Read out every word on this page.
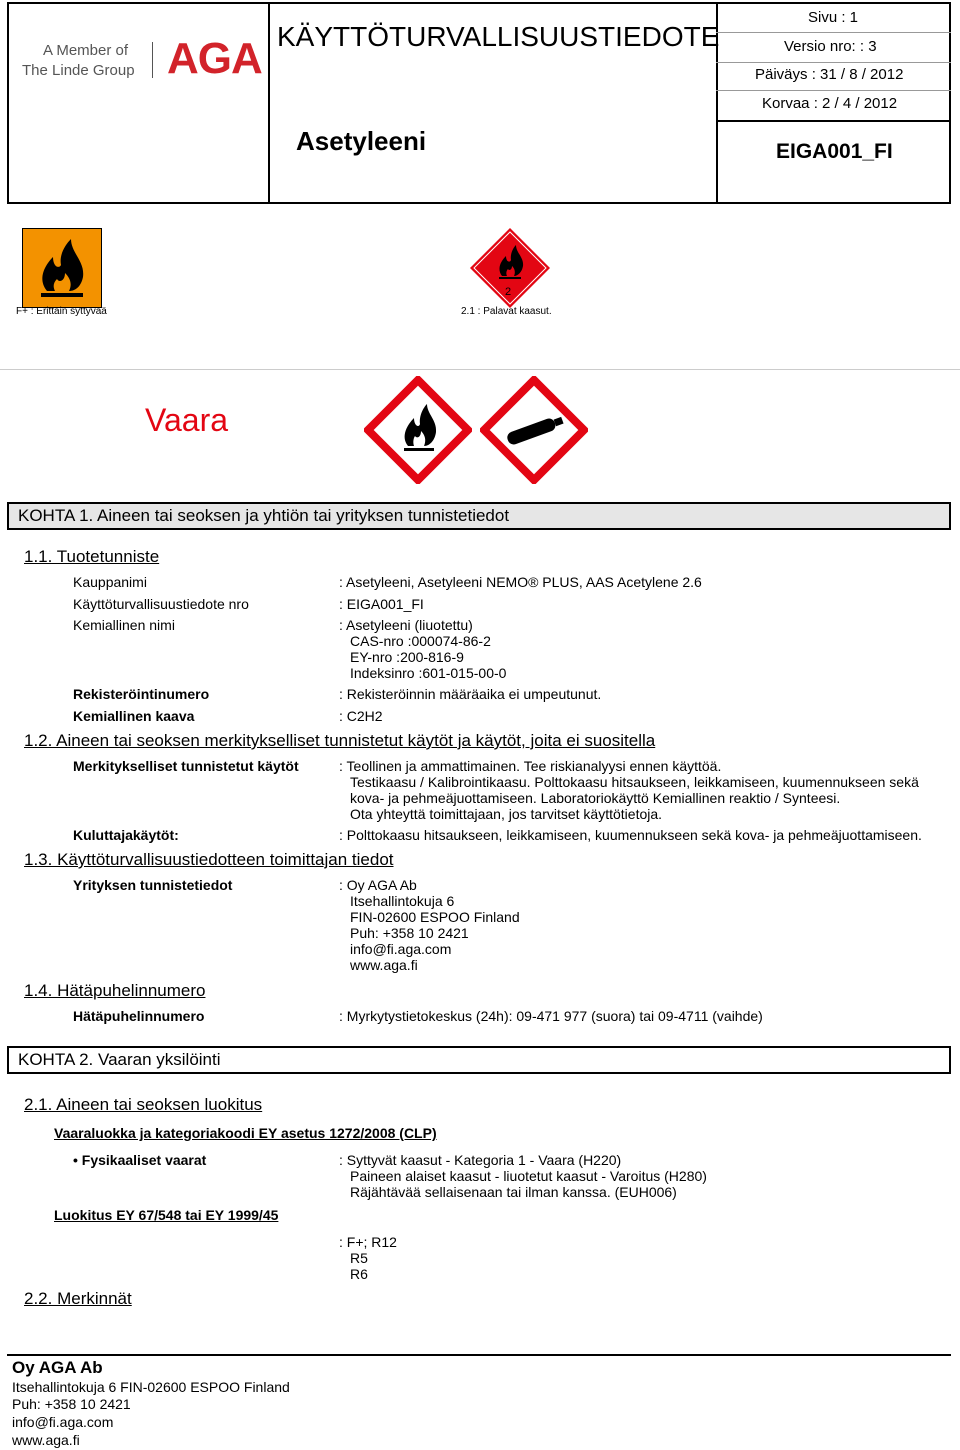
A Member of
The Linde Group AGA KÄYTTÖTURVALLISUUSTIEDOTE
Asetyleeni
Sivu : 1
Versio nro: : 3
Päiväys : 31 / 8 / 2012
Korvaa : 2 / 4 / 2012
EIGA001_FI
F+ : Erittäin syttyvää
2
2.1 : Palavat kaasut.
Vaara
KOHTA 1. Aineen tai seoksen ja yhtiön tai yrityksen tunnistetiedot
1.1. Tuotetunniste
Kauppanimi	: Asetyleeni, Asetyleeni NEMO® PLUS, AAS Acetylene 2.6
Käyttöturvallisuustiedote nro	: EIGA001_FI
Kemiallinen nimi	: Asetyleeni (liuotettu)
CAS-nro :000074-86-2
EY-nro :200-816-9
Indeksinro :601-015-00-0
Rekisteröintinumero	: Rekisteröinnin määräaika ei umpeutunut.
Kemiallinen kaava	: C2H2
1.2. Aineen tai seoksen merkitykselliset tunnistetut käytöt ja käytöt, joita ei suositella
Merkitykselliset tunnistetut käytöt	: Teollinen ja ammattimainen. Tee riskianalyysi ennen käyttöä.
Testikaasu / Kalibrointikaasu. Polttokaasu hitsaukseen, leikkamiseen, kuumennukseen sekä
kova- ja pehmeäjuottamiseen. Laboratoriokäyttö Kemiallinen reaktio / Synteesi.
Ota yhteyttä toimittajaan, jos tarvitset käyttötietoja.
Kuluttajakäytöt:	: Polttokaasu hitsaukseen, leikkamiseen, kuumennukseen sekä kova- ja pehmeäjuottamiseen.
1.3. Käyttöturvallisuustiedotteen toimittajan tiedot
Yrityksen tunnistetiedot	: Oy AGA Ab
Itsehallintokuja 6
FIN-02600 ESPOO Finland
Puh: +358 10 2421
info@fi.aga.com
www.aga.fi
1.4. Hätäpuhelinnumero
Hätäpuhelinnumero	: Myrkytystietokeskus (24h): 09-471 977 (suora) tai 09-4711 (vaihde)
KOHTA 2. Vaaran yksilöinti
2.1. Aineen tai seoksen luokitus
Vaaraluokka ja kategoriakoodi EY asetus 1272/2008 (CLP)
• Fysikaaliset vaarat	: Syttyvät kaasut - Kategoria 1 - Vaara (H220)
Paineen alaiset kaasut - liuotetut kaasut - Varoitus (H280)
Räjähtävää sellaisenaan tai ilman kanssa. (EUH006)
Luokitus EY 67/548 tai EY 1999/45
: F+; R12
R5
R6
2.2. Merkinnät
Oy AGA Ab
Itsehallintokuja 6 FIN-02600 ESPOO Finland
Puh: +358 10 2421
info@fi.aga.com
www.aga.fi
